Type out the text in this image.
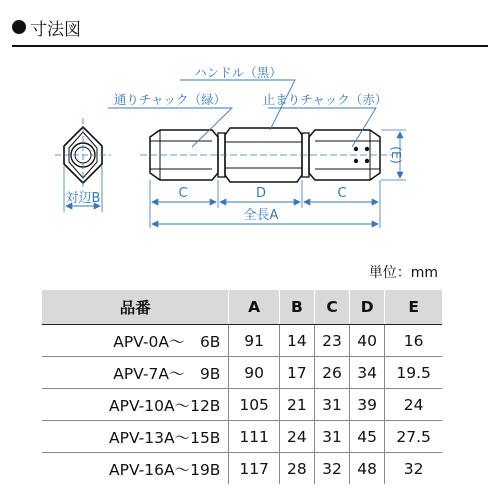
寸法図
対辺B
ハンドル（黒）
通りチャック（緑）	止まりチャック（赤）
(E)
C	D	C
全長A
単位：mm
品番	A	B	C	D	E
APV-0A～　6B	91	14	23	40	16
APV-7A～　9B	90	17	26	34	19.5
APV-10A～12B	105	21	31	39	24
APV-13A～15B	111	24	31	45	27.5
APV-16A～19B	117	28	32	48	32
